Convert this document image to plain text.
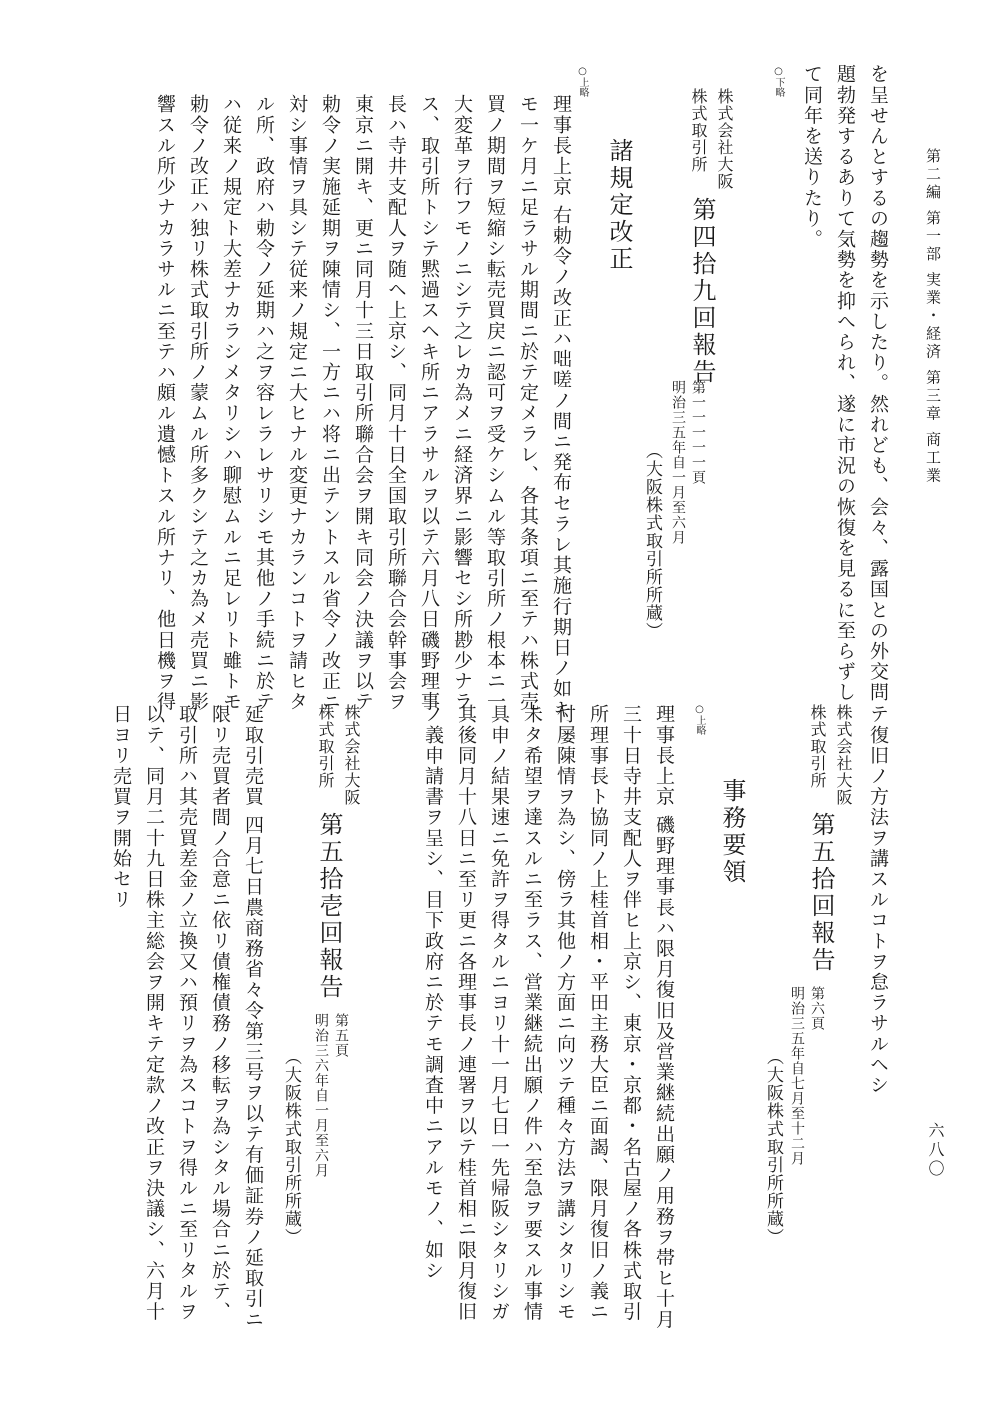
第二編 第一部 実業・経済 第三章 商工業
六八〇
を呈せんとするの趨勢を示したり。然れども、会々、露国との外交問
題勃発するありて気勢を抑へられ、遂に市況の恢復を見るに至らずし
て同年を送りたり。
○下略
株式会社大阪
株式取引所
第四拾九回報告
第一一一一一頁
明治三五年自一月至六月
（大阪株式取引所所蔵）
諸規定改正
○上略
理事長上京 右勅令ノ改正ハ咄嗟ノ間ニ発布セラレ其施行期日ノ如キ
モ一ケ月ニ足ラサル期間ニ於テ定メラレ、各其条項ニ至テハ株式売
買ノ期間ヲ短縮シ転売買戻ニ認可ヲ受ケシムル等取引所ノ根本ニ一
大変革ヲ行フモノニシテ之レカ為メニ経済界ニ影響セシ所尠少ナラ
ス、取引所トシテ黙過スヘキ所ニアラサルヲ以テ六月八日磯野理事
長ハ寺井支配人ヲ随ヘ上京シ、同月十日全国取引所聯合会幹事会ヲ
東京ニ開キ、更ニ同月十三日取引所聯合会ヲ開キ同会ノ決議ヲ以テ
勅令ノ実施延期ヲ陳情シ、一方ニハ将ニ出テントスル省令ノ改正ニ
対シ事情ヲ具シテ従来ノ規定ニ大ヒナル変更ナカランコトヲ請ヒタ
ル所、政府ハ勅令ノ延期ハ之ヲ容レラレサリシモ其他ノ手続ニ於テ
ハ従来ノ規定ト大差ナカラシメタリシハ聊慰ムルニ足レリト雖トモ
勅令ノ改正ハ独リ株式取引所ノ蒙ムル所多クシテ之カ為メ売買ニ影
響スル所少ナカラサルニ至テハ頗ル遺憾トスル所ナリ、他日機ヲ得
テ復旧ノ方法ヲ講スルコトヲ怠ラサルヘシ
株式会社大阪
株式取引所
第五拾回報告
第六頁
明治三五年自七月至十二月
（大阪株式取引所所蔵）
事務要領
○上略
理事長上京 磯野理事長ハ限月復旧及営業継続出願ノ用務ヲ帯ヒ十月
三十日寺井支配人ヲ伴ヒ上京シ、東京・京都・名古屋ノ各株式取引
所理事長ト協同ノ上桂首相・平田主務大臣ニ面謁、限月復旧ノ義ニ
付屡陳情ヲ為シ、傍ラ其他ノ方面ニ向ツテ種々方法ヲ講シタリシモ
未タ希望ヲ達スルニ至ラス、営業継続出願ノ件ハ至急ヲ要スル事情
具申ノ結果速ニ免許ヲ得タルニヨリ十一月七日一先帰阪シタリシガ
其後同月十八日ニ至リ更ニ各理事長ノ連署ヲ以テ桂首相ニ限月復旧
ノ義申請書ヲ呈シ、目下政府ニ於テモ調査中ニアルモノ、如シ
株式会社大阪
株式取引所
第五拾壱回報告
第五頁
明治三六年自一月至六月
（大阪株式取引所所蔵）
延取引売買 四月七日農商務省々令第三号ヲ以テ有価証券ノ延取引ニ
限リ売買者間ノ合意ニ依リ債権債務ノ移転ヲ為シタル場合ニ於テ、
取引所ハ其売買差金ノ立換又ハ預リヲ為スコトヲ得ルニ至リタルヲ
以テ、同月二十九日株主総会ヲ開キテ定款ノ改正ヲ決議シ、六月十
日ヨリ売買ヲ開始セリ
